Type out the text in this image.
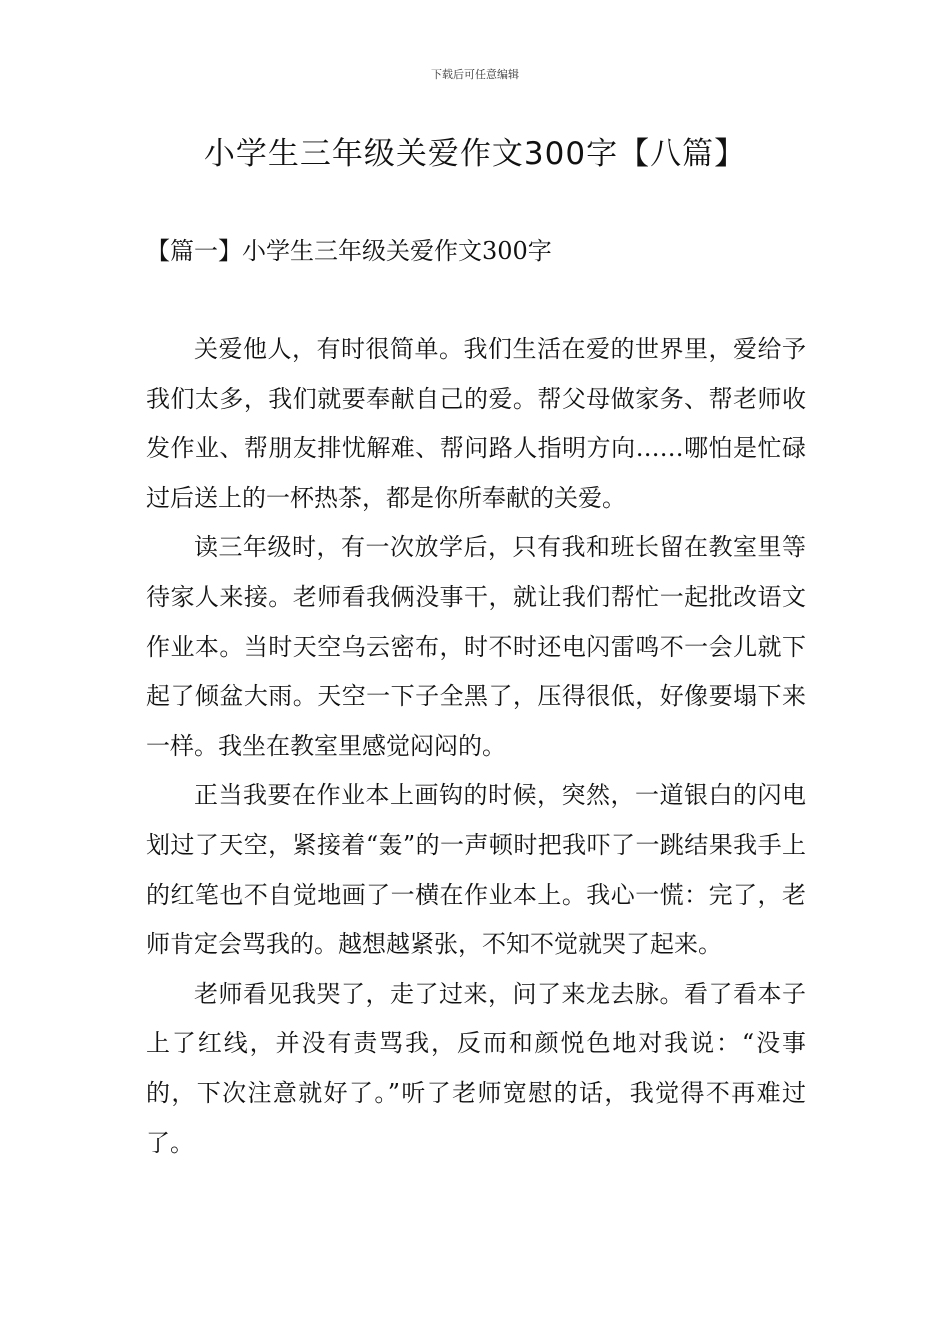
下载后可任意编辑
小学生三年级关爱作文300字【八篇】
【篇一】小学生三年级关爱作文300字

关爱他人，有时很简单。我们生活在爱的世界里，爱给予我们太多，我们就要奉献自己的爱。帮父母做家务、帮老师收发作业、帮朋友排忧解难、帮问路人指明方向……哪怕是忙碌过后送上的一杯热茶，都是你所奉献的关爱。

读三年级时，有一次放学后，只有我和班长留在教室里等待家人来接。老师看我俩没事干，就让我们帮忙一起批改语文作业本。当时天空乌云密布，时不时还电闪雷鸣不一会儿就下起了倾盆大雨。天空一下子全黑了，压得很低，好像要塌下来一样。我坐在教室里感觉闷闷的。

正当我要在作业本上画钩的时候，突然，一道银白的闪电划过了天空，紧接着“轰”的一声顿时把我吓了一跳结果我手上的红笔也不自觉地画了一横在作业本上。我心一慌：完了，老师肯定会骂我的。越想越紧张，不知不觉就哭了起来。

老师看见我哭了，走了过来，问了来龙去脉。看了看本子上了红线，并没有责骂我，反而和颜悦色地对我说：“没事的，下次注意就好了。”听了老师宽慰的话，我觉得不再难过了。
